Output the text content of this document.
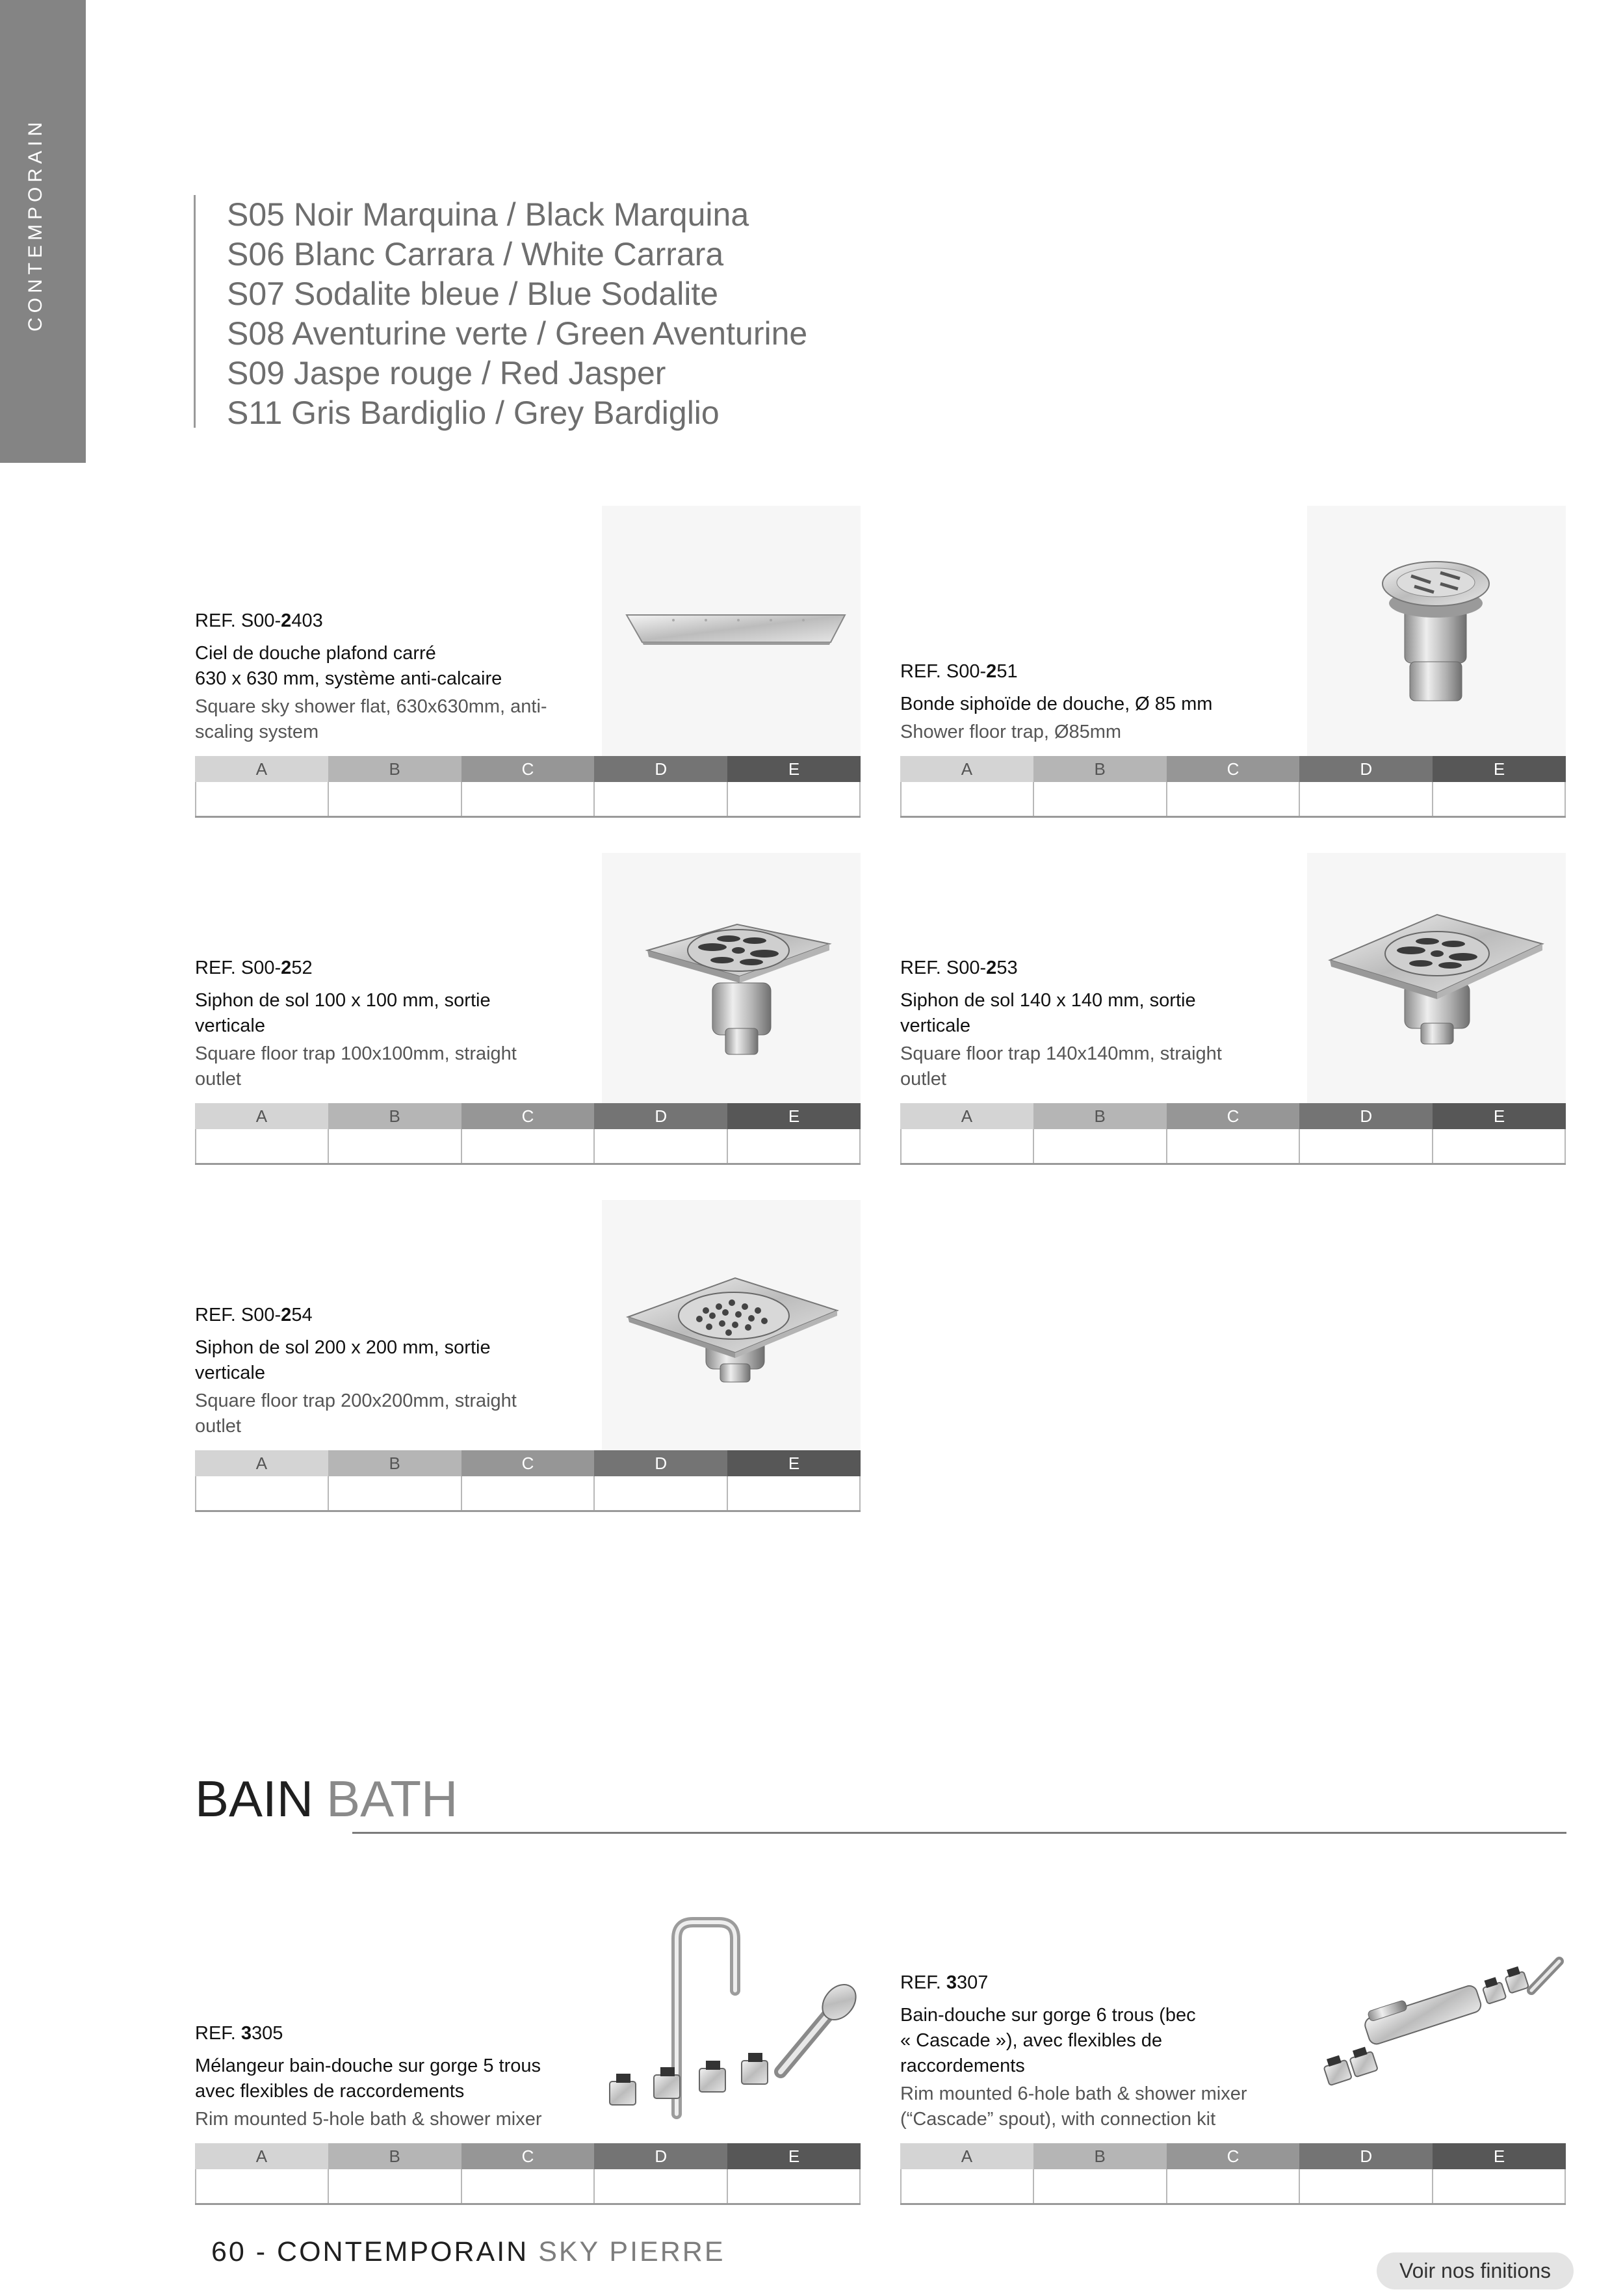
CONTEMPORAIN	S05 Noir Marquina / Black Marquina
S06 Blanc Carrara / White Carrara
S07 Sodalite bleue / Blue Sodalite
S08 Aventurine verte / Green Aventurine
S09 Jaspe rouge / Red Jasper
S11 Gris Bardiglio / Grey Bardiglio
REF. S00-2403
Ciel de douche plafond carré
630 x 630 mm, système anti-calcaire
Square sky shower flat, 630x630mm, anti-
scaling system
A	B	C	D	E
REF. S00-251
Bonde siphoïde de douche, Ø 85 mm
Shower floor trap, Ø85mm
A	B	C	D	E
REF. S00-252
Siphon de sol 100 x 100 mm, sortie
verticale
Square floor trap 100x100mm, straight
outlet
A	B	C	D	E
REF. S00-253
Siphon de sol 140 x 140 mm, sortie
verticale
Square floor trap 140x140mm, straight
outlet
A	B	C	D	E
REF. S00-254
Siphon de sol 200 x 200 mm, sortie
verticale
Square floor trap 200x200mm, straight
outlet
A	B	C	D	E
BAIN BATH
REF. 3305
Mélangeur bain-douche sur gorge 5 trous
avec flexibles de raccordements
Rim mounted 5-hole bath & shower mixer
A	B	C	D	E
REF. 3307
Bain-douche sur gorge 6 trous (bec
« Cascade »), avec flexibles de
raccordements
Rim mounted 6-hole bath & shower mixer
(“Cascade” spout), with connection kit
A	B	C	D	E
60 - CONTEMPORAIN SKY PIERRE
Voir nos finitions
